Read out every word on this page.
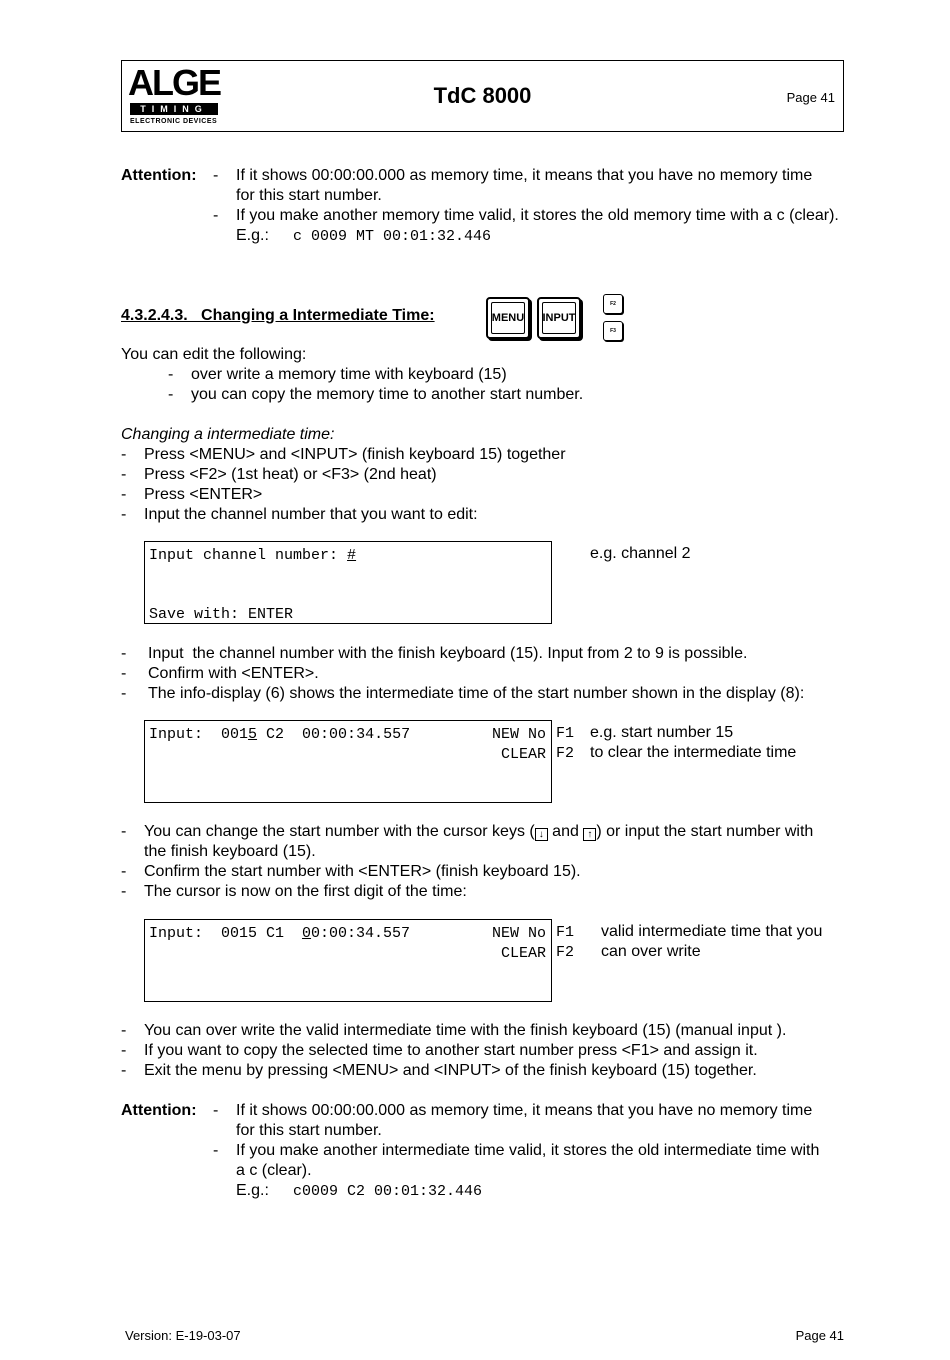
ALGE
TIMING
ELECTRONIC DEVICES
TdC 8000	Page 41
Attention: - If it shows 00:00:00.000 as memory time, it means that you have no memory time
for this start number.
- If you make another memory time valid, it stores the old memory time with a c (clear).
E.g.: c 0009 MT 00:01:32.446
4.3.2.4.3.   Changing a Intermediate Time:	MENU INPUT
F2
F3
You can edit the following:
- over write a memory time with keyboard (15)
- you can copy the memory time to another start number.
Changing a intermediate time:
- Press <MENU> and <INPUT> (finish keyboard 15) together
- Press <F2> (1st heat) or <F3> (2nd heat)
- Press <ENTER>
- Input the channel number that you want to edit:
Input channel number: #
Save with: ENTER
e.g. channel 2
- Input  the channel number with the finish keyboard (15). Input from 2 to 9 is possible.
- Confirm with <ENTER>.
- The info-display (6) shows the intermediate time of the start number shown in the display (8):
Input:  0015 C2  00:00:34.557	NEW No
CLEAR
F1
F2
e.g. start number 15
to clear the intermediate time
- You can change the start number with the cursor keys ( ↓ and ↑ ) or input the start number with
the finish keyboard (15).
- Confirm the start number with <ENTER> (finish keyboard 15).
- The cursor is now on the first digit of the time:
Input:  0015 C1  00:00:34.557	NEW No
CLEAR
F1
F2
valid intermediate time that you
can over write
- You can over write the valid intermediate time with the finish keyboard (15) (manual input ).
- If you want to copy the selected time to another start number press <F1> and assign it.
- Exit the menu by pressing <MENU> and <INPUT> of the finish keyboard (15) together.
Attention: - If it shows 00:00:00.000 as memory time, it means that you have no memory time
for this start number.
- If you make another intermediate time valid, it stores the old intermediate time with
a c (clear).
E.g.: c0009 C2 00:01:32.446
Version: E-19-03-07	Page 41
